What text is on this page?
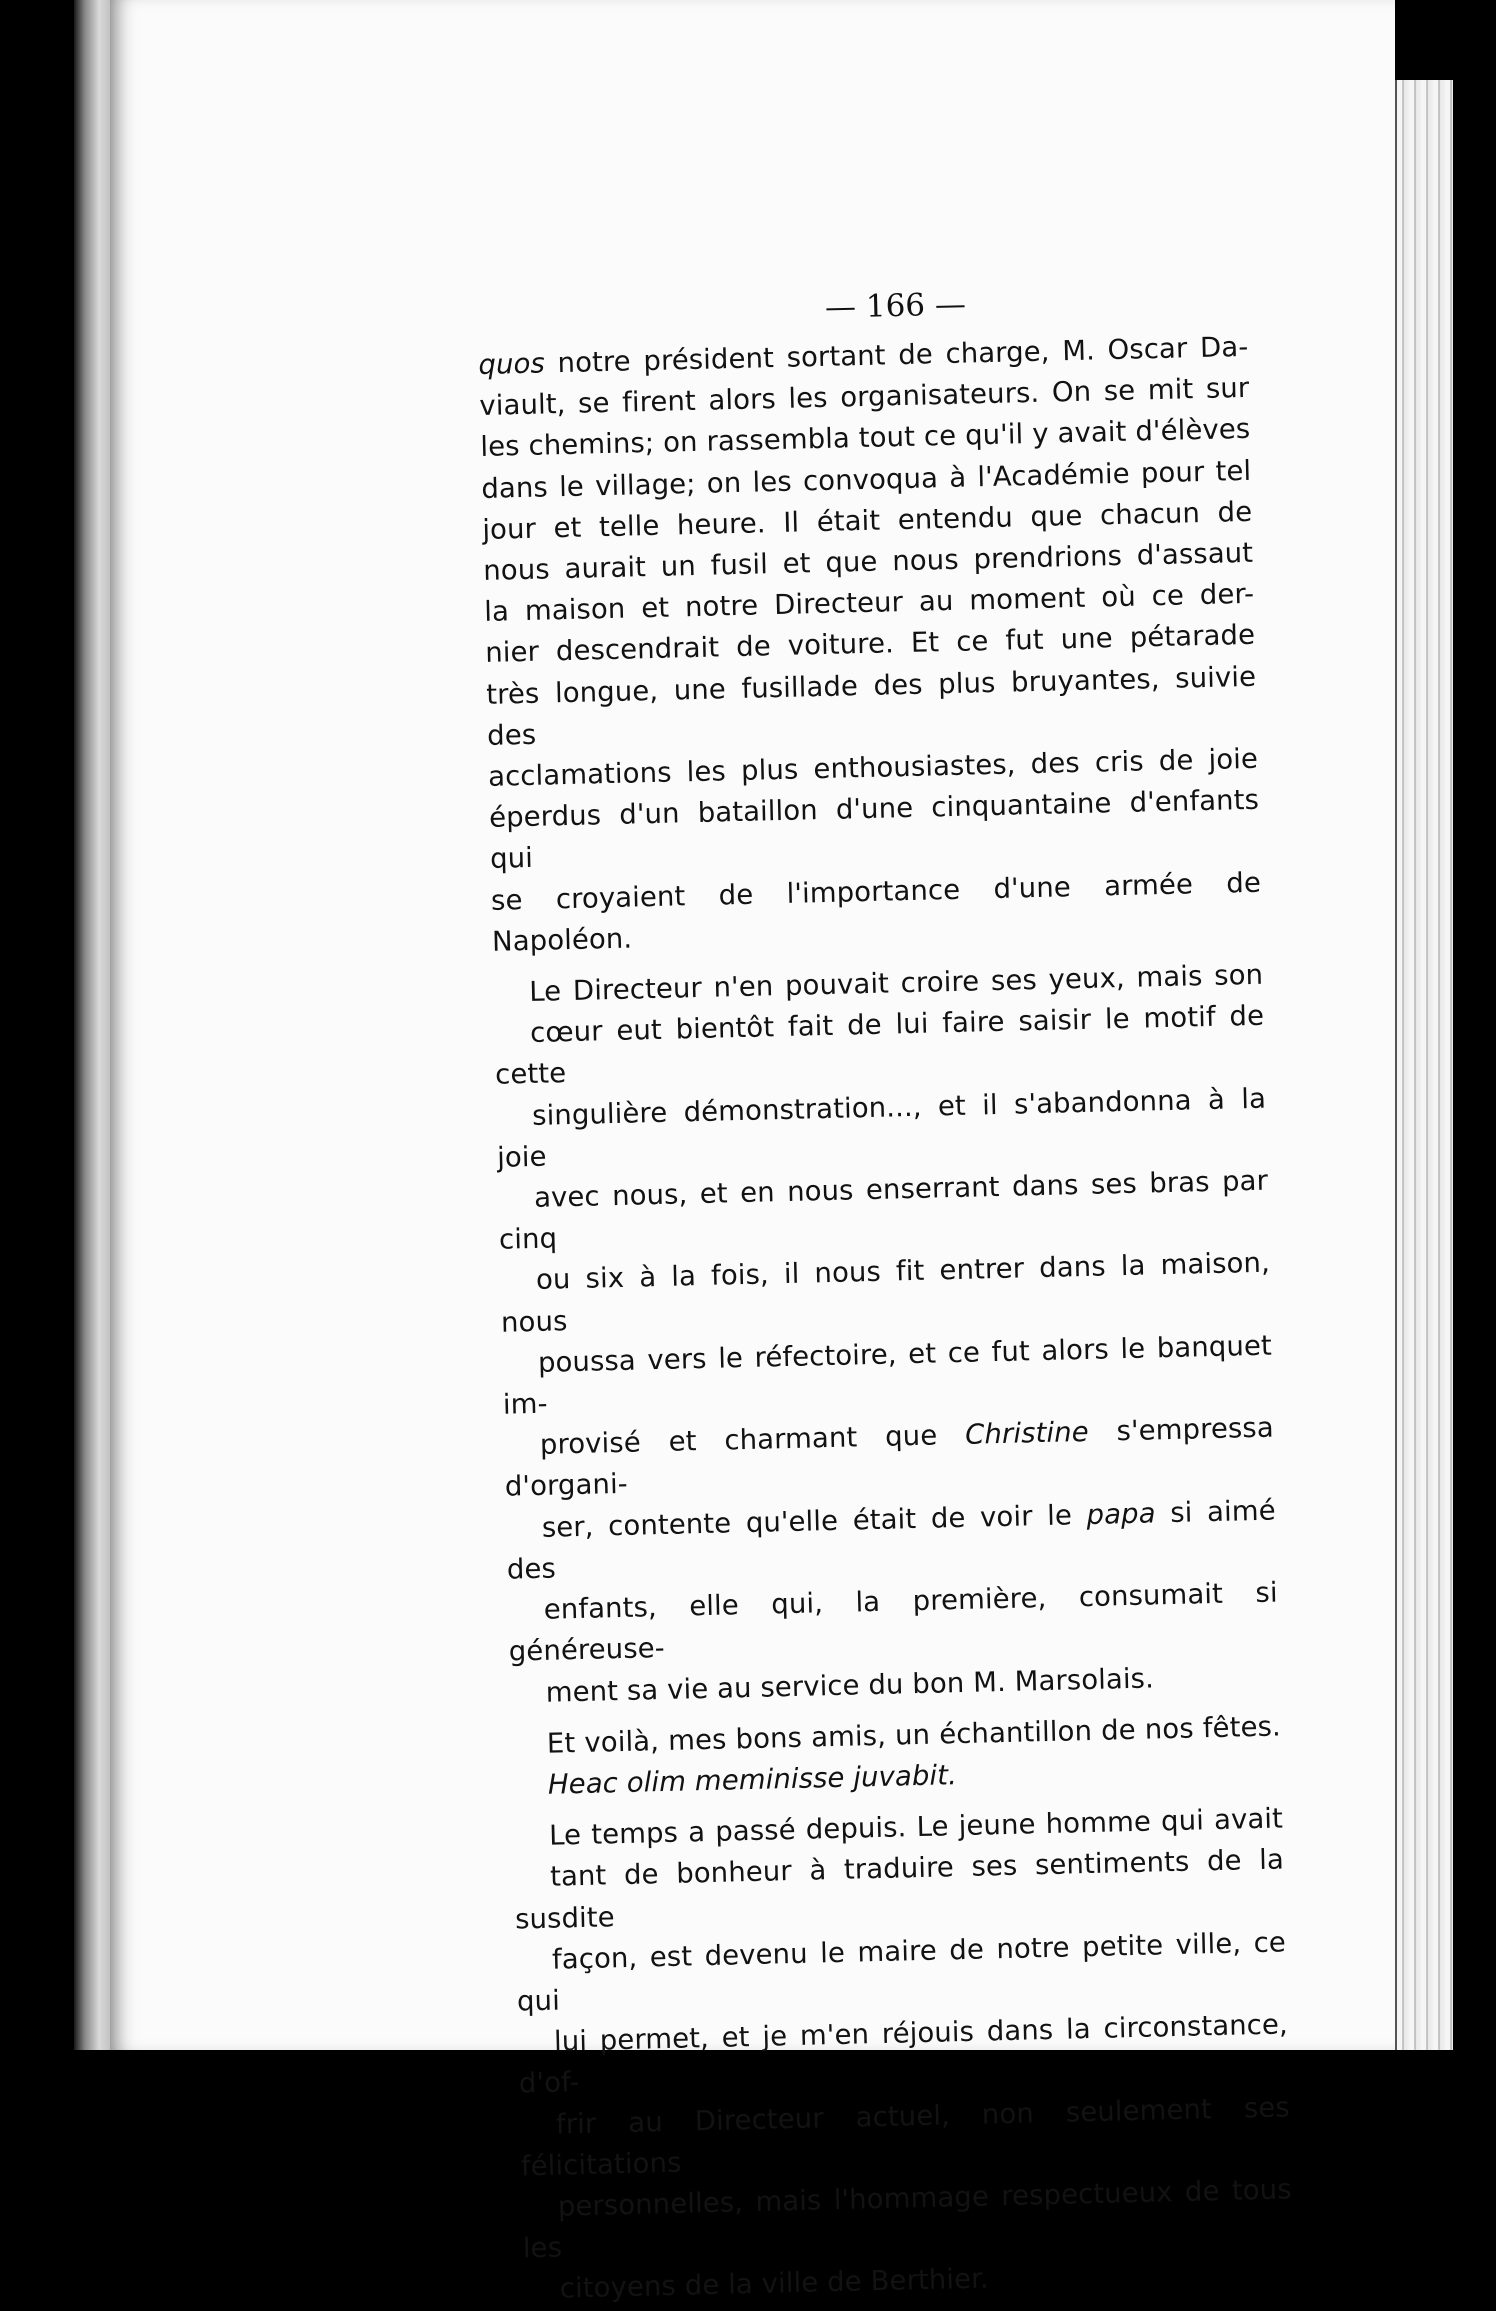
— 166 —
quos notre président sortant de charge, M. Oscar Da-
viault, se firent alors les organisateurs. On se mit sur
les chemins; on rassembla tout ce qu'il y avait d'élèves
dans le village; on les convoqua à l'Académie pour tel
jour et telle heure. Il était entendu que chacun de
nous aurait un fusil et que nous prendrions d'assaut
la maison et notre Directeur au moment où ce der-
nier descendrait de voiture. Et ce fut une pétarade
très longue, une fusillade des plus bruyantes, suivie des
acclamations les plus enthousiastes, des cris de joie
éperdus d'un bataillon d'une cinquantaine d'enfants qui
se croyaient de l'importance d'une armée de Napoléon.
Le Directeur n'en pouvait croire ses yeux, mais son
cœur eut bientôt fait de lui faire saisir le motif de cette
singulière démonstration..., et il s'abandonna à la joie
avec nous, et en nous enserrant dans ses bras par cinq
ou six à la fois, il nous fit entrer dans la maison, nous
poussa vers le réfectoire, et ce fut alors le banquet im-
provisé et charmant que Christine s'empressa d'organi-
ser, contente qu'elle était de voir le papa si aimé des
enfants, elle qui, la première, consumait si généreuse-
ment sa vie au service du bon M. Marsolais.
Et voilà, mes bons amis, un échantillon de nos fêtes.
Heac olim meminisse juvabit.
Le temps a passé depuis. Le jeune homme qui avait
tant de bonheur à traduire ses sentiments de la susdite
façon, est devenu le maire de notre petite ville, ce qui
lui permet, et je m'en réjouis dans la circonstance, d'of-
frir au Directeur actuel, non seulement ses félicitations
personnelles, mais l'hommage respectueux de tous les
citoyens de la ville de Berthier.
